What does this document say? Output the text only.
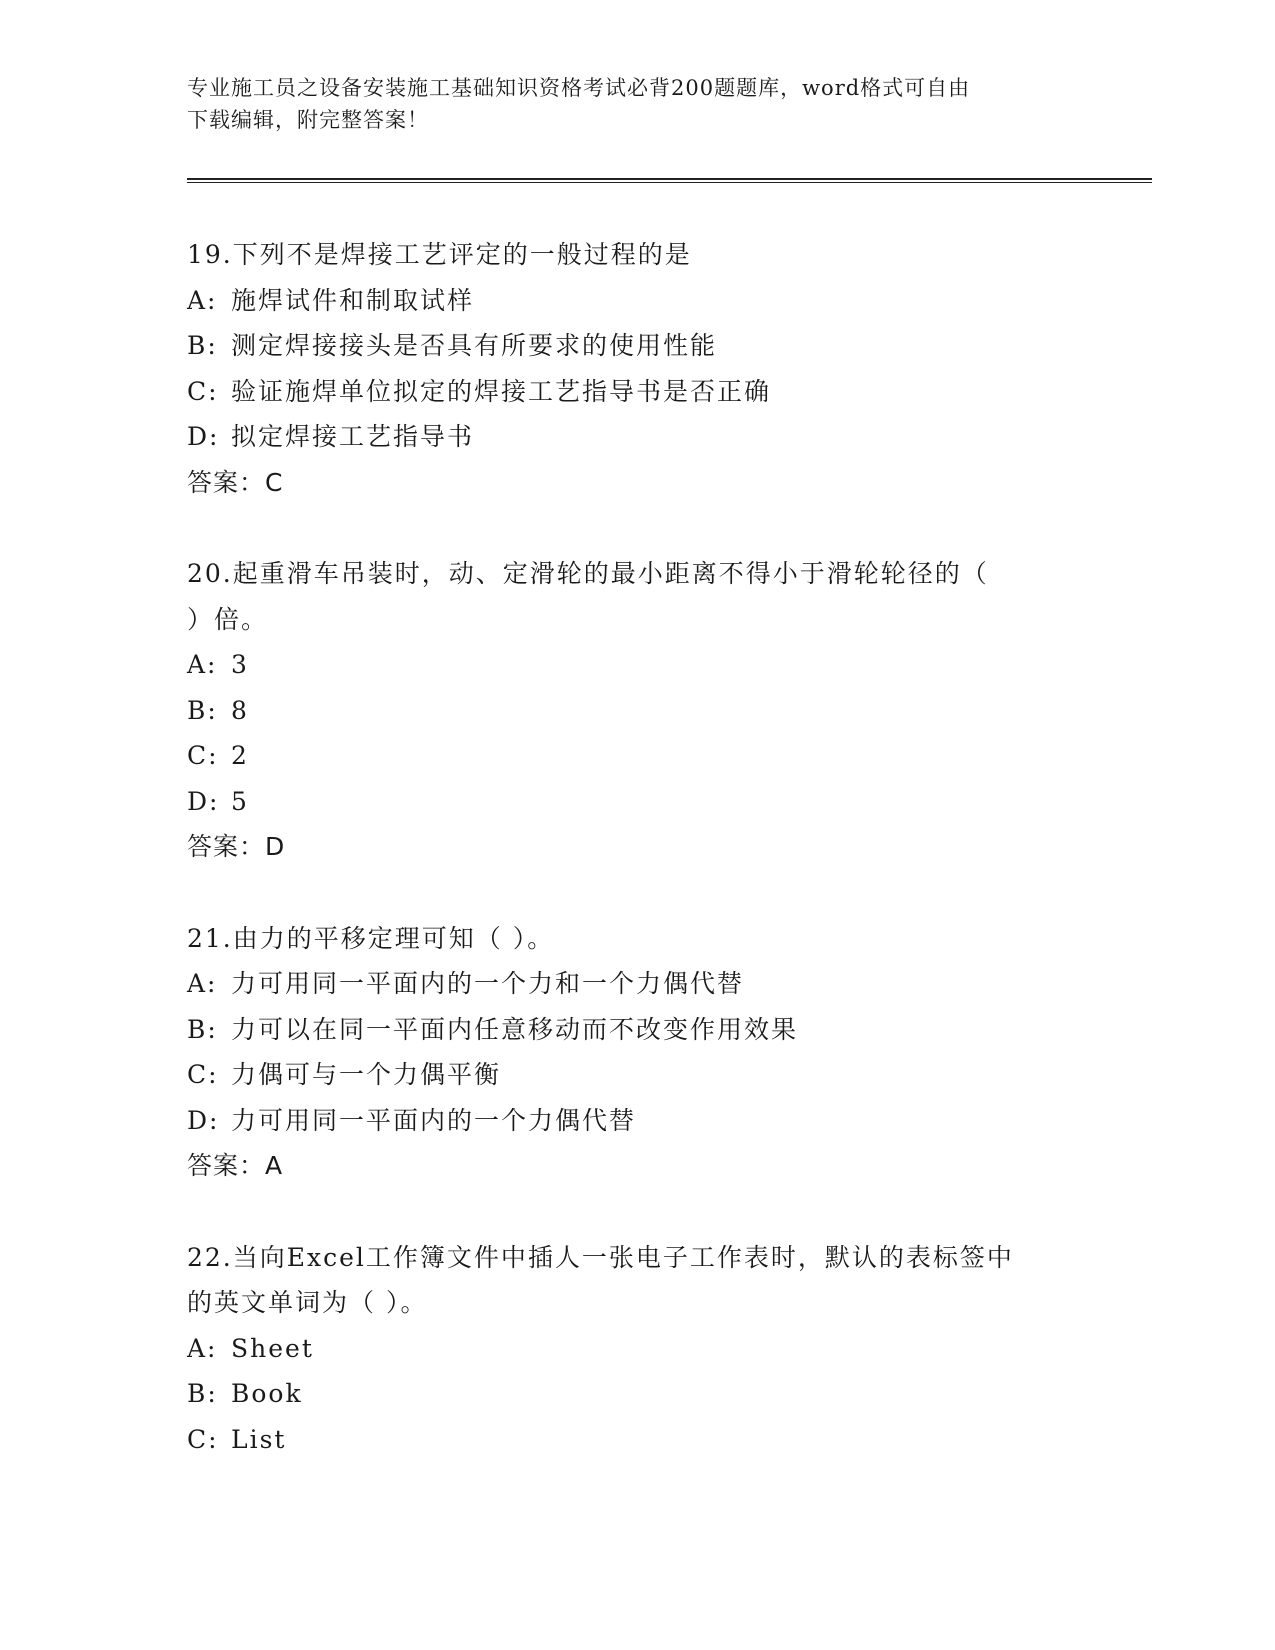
专业施工员之设备安装施工基础知识资格考试必背200题题库，word格式可自由

下载编辑，附完整答案！

19.下列不是焊接工艺评定的一般过程的是

A: 施焊试件和制取试样

B: 测定焊接接头是否具有所要求的使用性能

C: 验证施焊单位拟定的焊接工艺指导书是否正确

D: 拟定焊接工艺指导书

答案：C

20.起重滑车吊装时，动、定滑轮的最小距离不得小于滑轮轮径的（

）倍。

A: 3

B: 8

C: 2

D: 5

答案：D

21.由力的平移定理可知（ ）。

A: 力可用同一平面内的一个力和一个力偶代替

B: 力可以在同一平面内任意移动而不改变作用效果

C: 力偶可与一个力偶平衡

D: 力可用同一平面内的一个力偶代替

答案：A

22.当向Excel工作簿文件中插人一张电子工作表时，默认的表标签中

的英文单词为（ ）。

A: Sheet

B: Book

C: List
